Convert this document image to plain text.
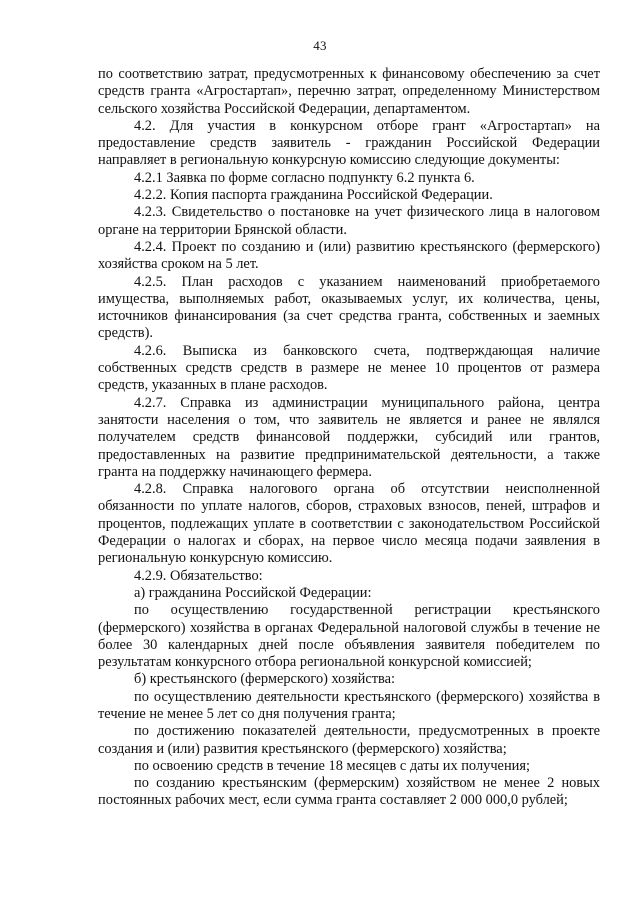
43

по соответствию затрат, предусмотренных к финансовому обеспечению за счет средств гранта «Агростартап», перечню затрат, определенному Министерством сельского хозяйства Российской Федерации, департаментом.

4.2. Для участия в конкурсном отборе грант «Агростартап» на предоставление средств заявитель - гражданин Российской Федерации направляет в региональную конкурсную комиссию следующие документы:

4.2.1 Заявка по форме согласно подпункту 6.2 пункта 6.

4.2.2. Копия паспорта гражданина Российской Федерации.

4.2.3. Свидетельство о постановке на учет физического лица в налоговом органе на территории Брянской области.

4.2.4. Проект по созданию и (или) развитию крестьянского (фермерского) хозяйства сроком на 5 лет.

4.2.5. План расходов с указанием наименований приобретаемого имущества, выполняемых работ, оказываемых услуг, их количества, цены, источников финансирования (за счет средства гранта, собственных и заемных средств).

4.2.6. Выписка из банковского счета, подтверждающая наличие собственных средств средств в размере не менее 10 процентов от размера средств, указанных в плане расходов.

4.2.7. Справка из администрации муниципального района, центра занятости населения о том, что заявитель не является и ранее не являлся получателем средств финансовой поддержки, субсидий или грантов, предоставленных на развитие предпринимательской деятельности, а также гранта на поддержку начинающего фермера.

4.2.8. Справка налогового органа об отсутствии неисполненной обязанности по уплате налогов, сборов, страховых взносов, пеней, штрафов и процентов, подлежащих уплате в соответствии с законодательством Российской Федерации о налогах и сборах, на первое число месяца подачи заявления в региональную конкурсную комиссию.

4.2.9. Обязательство:

а) гражданина Российской Федерации:

по осуществлению государственной регистрации крестьянского (фермерского) хозяйства в органах Федеральной налоговой службы в течение не более 30 календарных дней после объявления заявителя победителем по результатам конкурсного отбора региональной конкурсной комиссией;

б) крестьянского (фермерского) хозяйства:

по осуществлению деятельности крестьянского (фермерского) хозяйства в течение не менее 5 лет со дня получения гранта;

по достижению показателей деятельности, предусмотренных в проекте создания и (или) развития крестьянского (фермерского) хозяйства;

по освоению средств в течение 18 месяцев с даты их получения;

по созданию крестьянским (фермерским) хозяйством не менее 2 новых постоянных рабочих мест, если сумма гранта составляет 2 000 000,0 рублей;
